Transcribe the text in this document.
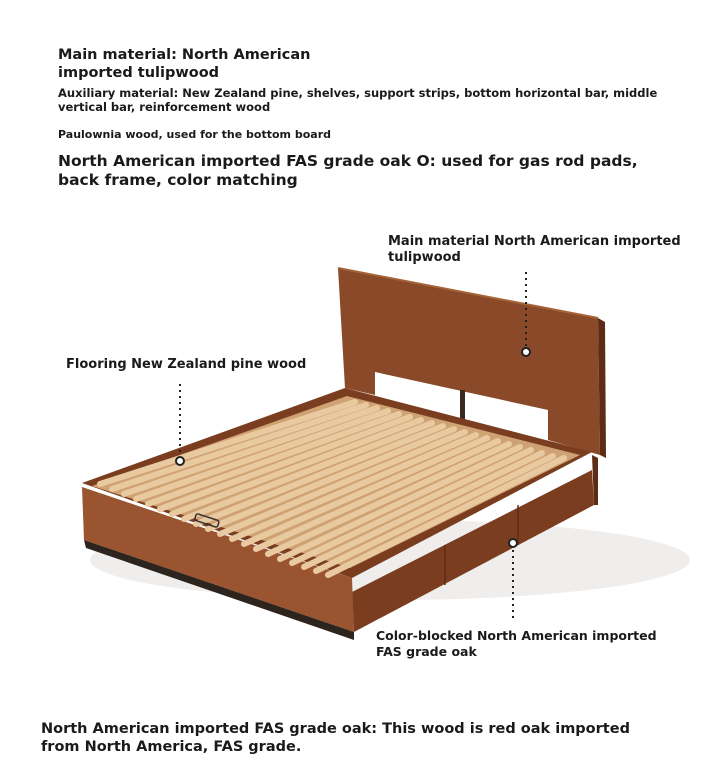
Main material: North American imported tulipwood

Auxiliary material: New Zealand pine, shelves, support strips, bottom horizontal bar, middle vertical bar, reinforcement wood

Paulownia wood, used for the bottom board

North American imported FAS grade oak O: used for gas rod pads, back frame, color matching

Main material North American imported tulipwood

Flooring New Zealand pine wood

Color-blocked North American imported FAS grade oak

North American imported FAS grade oak: This wood is red oak imported from North America, FAS grade.
